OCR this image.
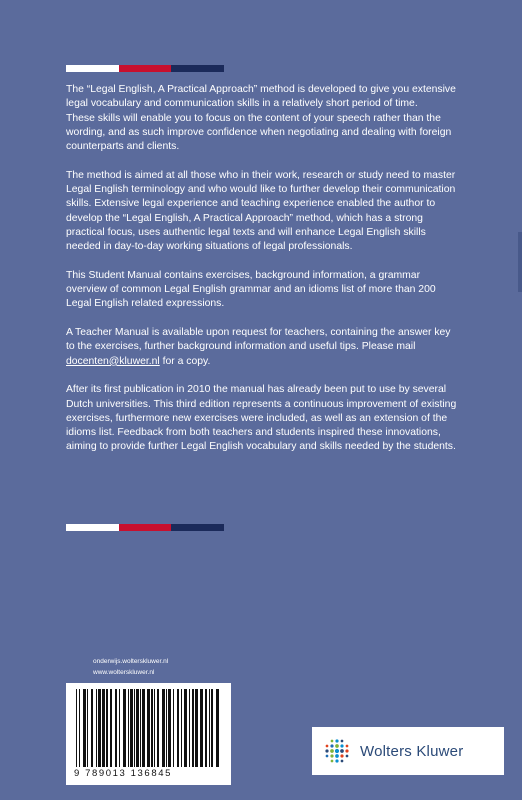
The “Legal English, A Practical Approach” method is developed to give you extensive legal vocabulary and communication skills in a relatively short period of time.

These skills will enable you to focus on the content of your speech rather than the wording, and as such improve confidence when negotiating and dealing with foreign counterparts and clients.

The method is aimed at all those who in their work, research or study need to master Legal English terminology and who would like to further develop their communication skills. Extensive legal experience and teaching experience enabled the author to develop the “Legal English, A Practical Approach” method, which has a strong practical focus, uses authentic legal texts and will enhance Legal English skills needed in day-to-day working situations of legal professionals.

This Student Manual contains exercises, background information, a grammar overview of common Legal English grammar and an idioms list of more than 200 Legal English related expressions.

A Teacher Manual is available upon request for teachers, containing the answer key to the exercises, further background information and useful tips. Please mail docenten@kluwer.nl for a copy.

After its first publication in 2010 the manual has already been put to use by several Dutch universities. This third edition represents a continuous improvement of existing exercises, furthermore new exercises were included, as well as an extension of the idioms list. Feedback from both teachers and students inspired these innovations, aiming to provide further Legal English vocabulary and skills needed by the students.

onderwijs.wolterskluwer.nl
www.wolterskluwer.nl
9 789013 136845
Wolters Kluwer
